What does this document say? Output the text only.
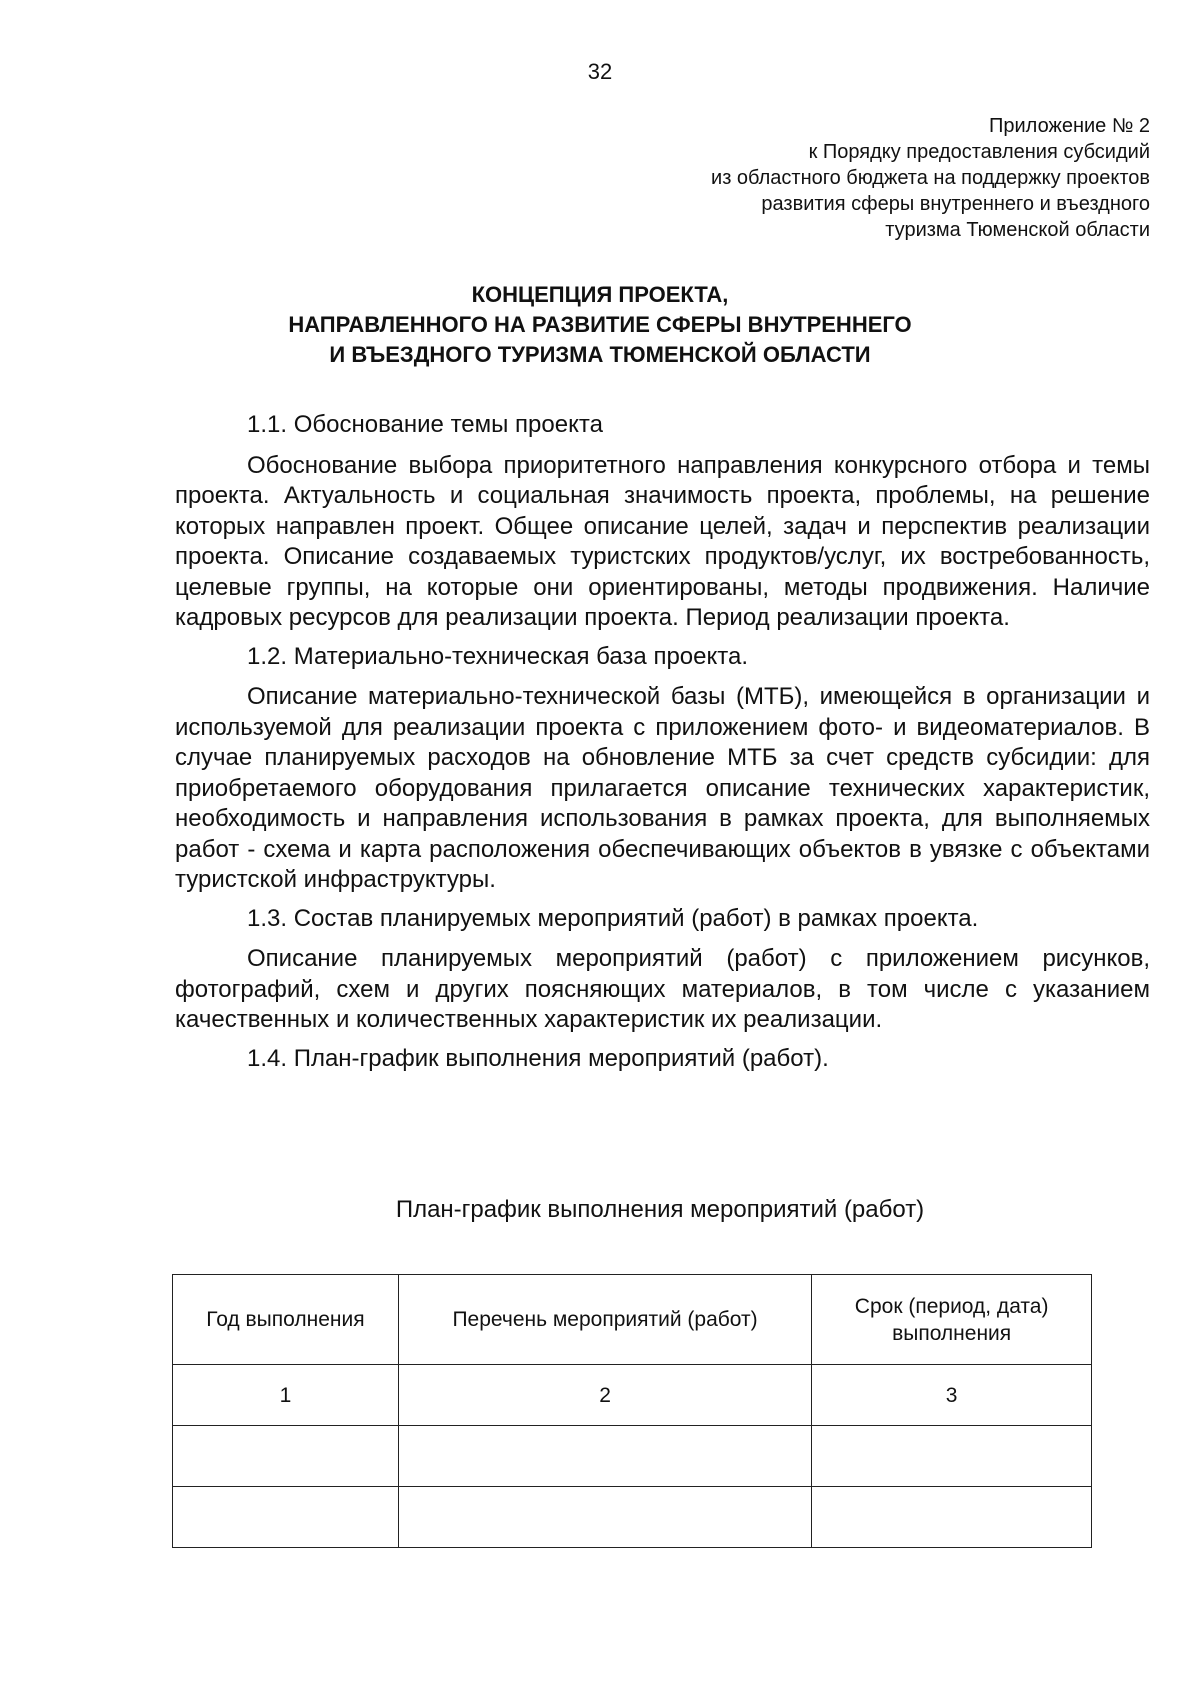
32
Приложение № 2
к Порядку предоставления субсидий
из областного бюджета на поддержку проектов
развития сферы внутреннего и въездного
туризма Тюменской области
КОНЦЕПЦИЯ ПРОЕКТА,
НАПРАВЛЕННОГО НА РАЗВИТИЕ СФЕРЫ ВНУТРЕННЕГО
И ВЪЕЗДНОГО ТУРИЗМА ТЮМЕНСКОЙ ОБЛАСТИ

1.1. Обоснование темы проекта

Обоснование выбора приоритетного направления конкурсного отбора и темы проекта. Актуальность и социальная значимость проекта, проблемы, на решение которых направлен проект. Общее описание целей, задач и перспектив реализации проекта. Описание создаваемых туристских продуктов/услуг, их востребованность, целевые группы, на которые они ориентированы, методы продвижения. Наличие кадровых ресурсов для реализации проекта. Период реализации проекта.

1.2. Материально-техническая база проекта.

Описание материально-технической базы (МТБ), имеющейся в организации и используемой для реализации проекта с приложением фото- и видеоматериалов. В случае планируемых расходов на обновление МТБ за счет средств субсидии: для приобретаемого оборудования прилагается описание технических характеристик, необходимость и направления использования в рамках проекта, для выполняемых работ - схема и карта расположения обеспечивающих объектов в увязке с объектами туристской инфраструктуры.

1.3. Состав планируемых мероприятий (работ) в рамках проекта.

Описание планируемых мероприятий (работ) с приложением рисунков, фотографий, схем и других поясняющих материалов, в том числе с указанием качественных и количественных характеристик их реализации.

1.4. План-график выполнения мероприятий (работ).

План-график выполнения мероприятий (работ)
Год выполнения	Перечень мероприятий (работ)	Срок (период, дата) выполнения
1	2	3
